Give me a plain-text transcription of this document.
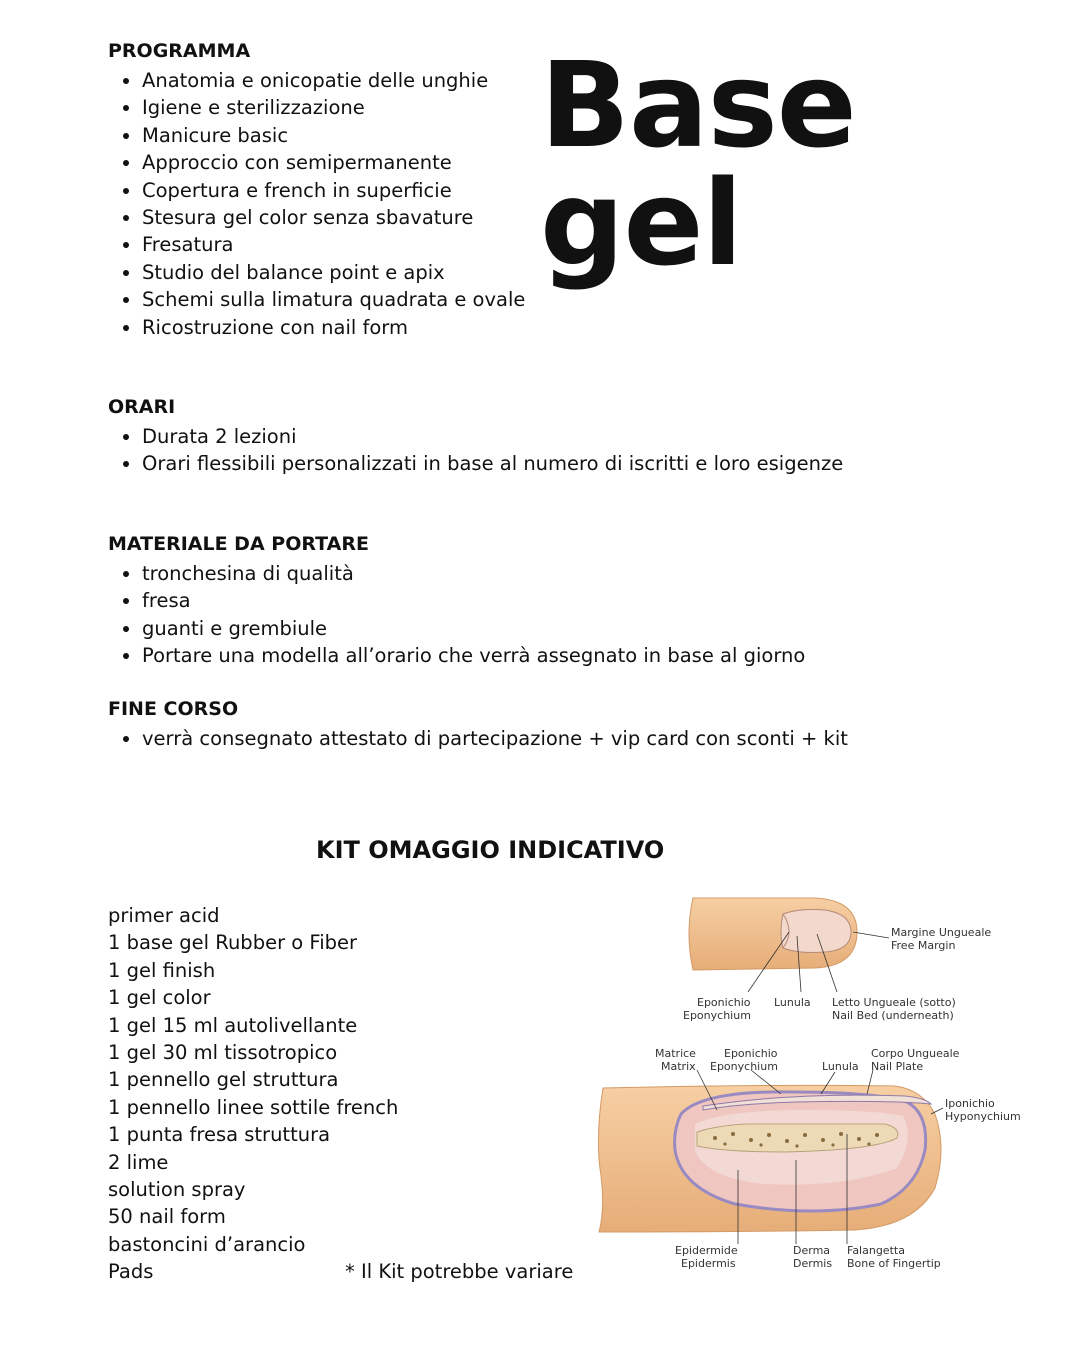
Base gel
PROGRAMMA
• Anatomia e onicopatie delle unghie
• Igiene e sterilizzazione
• Manicure basic
• Approccio con semipermanente
• Copertura e french in superficie
• Stesura gel color senza sbavature
• Fresatura
• Studio del balance point e apix
• Schemi sulla limatura quadrata e ovale
• Ricostruzione con nail form
ORARI
• Durata 2 lezioni
• Orari flessibili personalizzati in base al numero di iscritti e loro esigenze
MATERIALE DA PORTARE
• tronchesina di qualità
• fresa
• guanti e grembiule
• Portare una modella all’orario che verrà assegnato in base al giorno
FINE CORSO
• verrà consegnato attestato di partecipazione + vip card con sconti + kit
KIT OMAGGIO INDICATIVO
primer acid
1 base gel Rubber o Fiber
1 gel finish
1 gel color
1 gel 15 ml autolivellante
1 gel 30 ml tissotropico
1 pennello gel struttura
1 pennello linee sottile french
1 punta fresa struttura
2 lime
solution spray
50 nail form
bastoncini d’arancio
Pads	* Il Kit potrebbe variare
Margine Ungueale
Free Margin
Eponichio
Eponychium
Lunula Letto Ungueale (sotto)
Nail Bed (underneath)
Matrice
Matrix
Eponichio
Eponychium	Lunula
Corpo Ungueale
Nail Plate
Iponichio
Hyponychium
Epidermide
Epidermis
Derma
Dermis
Falangetta
Bone of Fingertip
